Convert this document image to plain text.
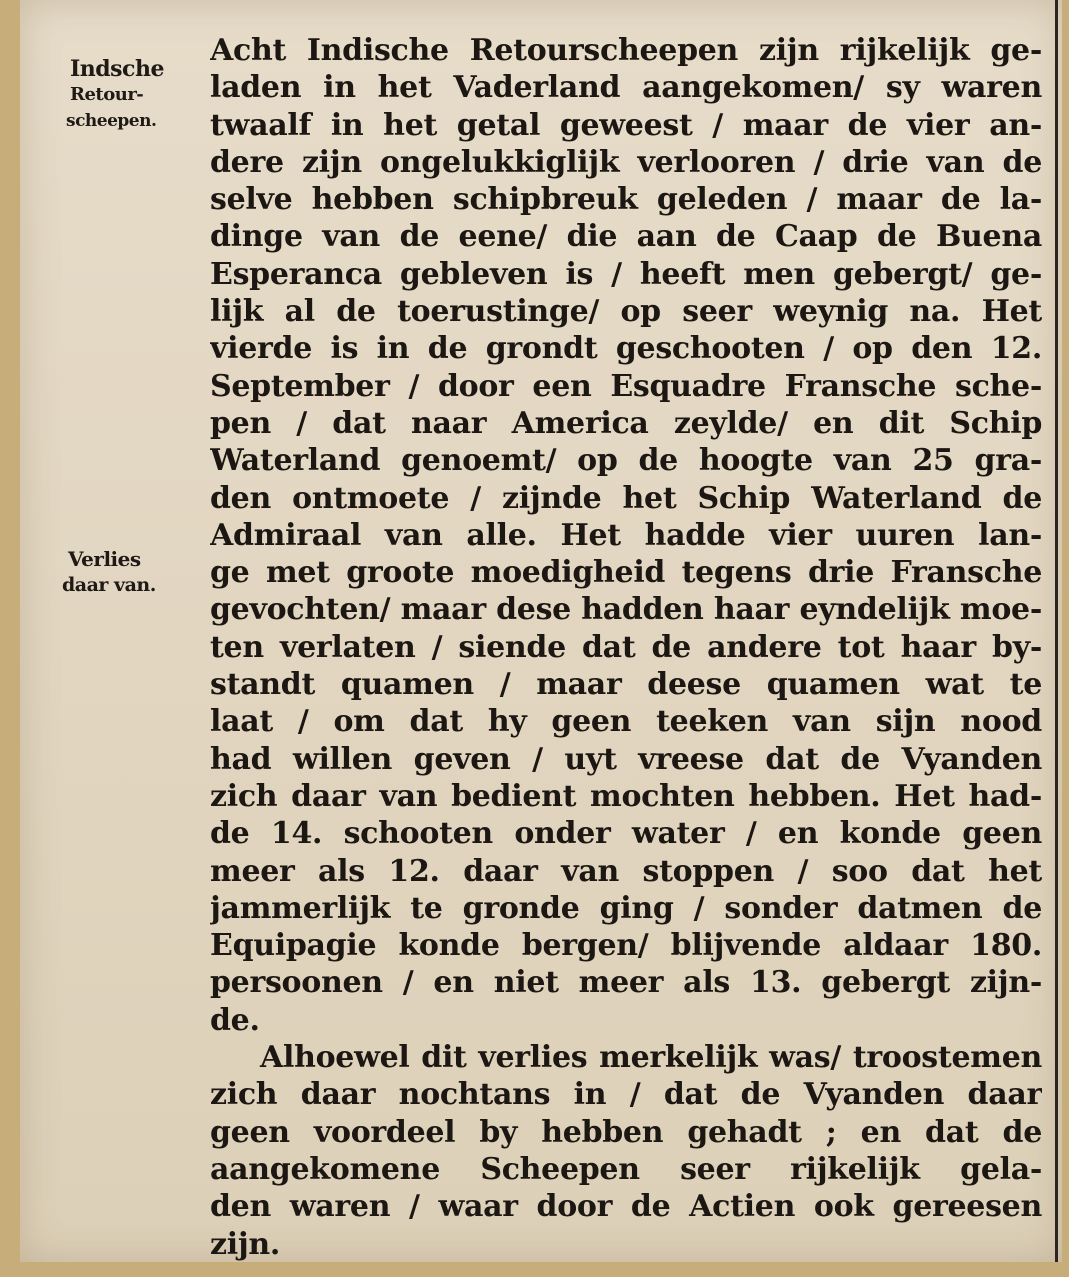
Indsche
Retour-
scheepen.
Verlies
daar van.
Acht Indische Retourscheepen zijn rijkelijk ge-
laden in het Vaderland aangekomen/ sy waren
twaalf in het getal geweest / maar de vier an-
dere zijn ongelukkiglijk verlooren / drie van de
selve hebben schipbreuk geleden / maar de la-
dinge van de eene/ die aan de Caap de Buena
Esperanca gebleven is / heeft men gebergt/ ge-
lijk al de toerustinge/ op seer weynig na. Het
vierde is in de grondt geschooten / op den 12.
September / door een Esquadre Fransche sche-
pen / dat naar America zeylde/ en dit Schip
Waterland genoemt/ op de hoogte van 25 gra-
den ontmoete / zijnde het Schip Waterland de
Admiraal van alle. Het hadde vier uuren lan-
ge met groote moedigheid tegens drie Fransche
gevochten/ maar dese hadden haar eyndelijk moe-
ten verlaten / siende dat de andere tot haar by-
standt quamen / maar deese quamen wat te
laat / om dat hy geen teeken van sijn nood
had willen geven / uyt vreese dat de Vyanden
zich daar van bedient mochten hebben. Het had-
de 14. schooten onder water / en konde geen
meer als 12. daar van stoppen / soo dat het
jammerlijk te gronde ging / sonder datmen de
Equipagie konde bergen/ blijvende aldaar 180.
persoonen / en niet meer als 13. gebergt zijn-
de.
Alhoewel dit verlies merkelijk was/ troostemen
zich daar nochtans in / dat de Vyanden daar
geen voordeel by hebben gehadt ; en dat de
aangekomene Scheepen seer rijkelijk gela-
den waren / waar door de Actien ook gereesen
zijn.
